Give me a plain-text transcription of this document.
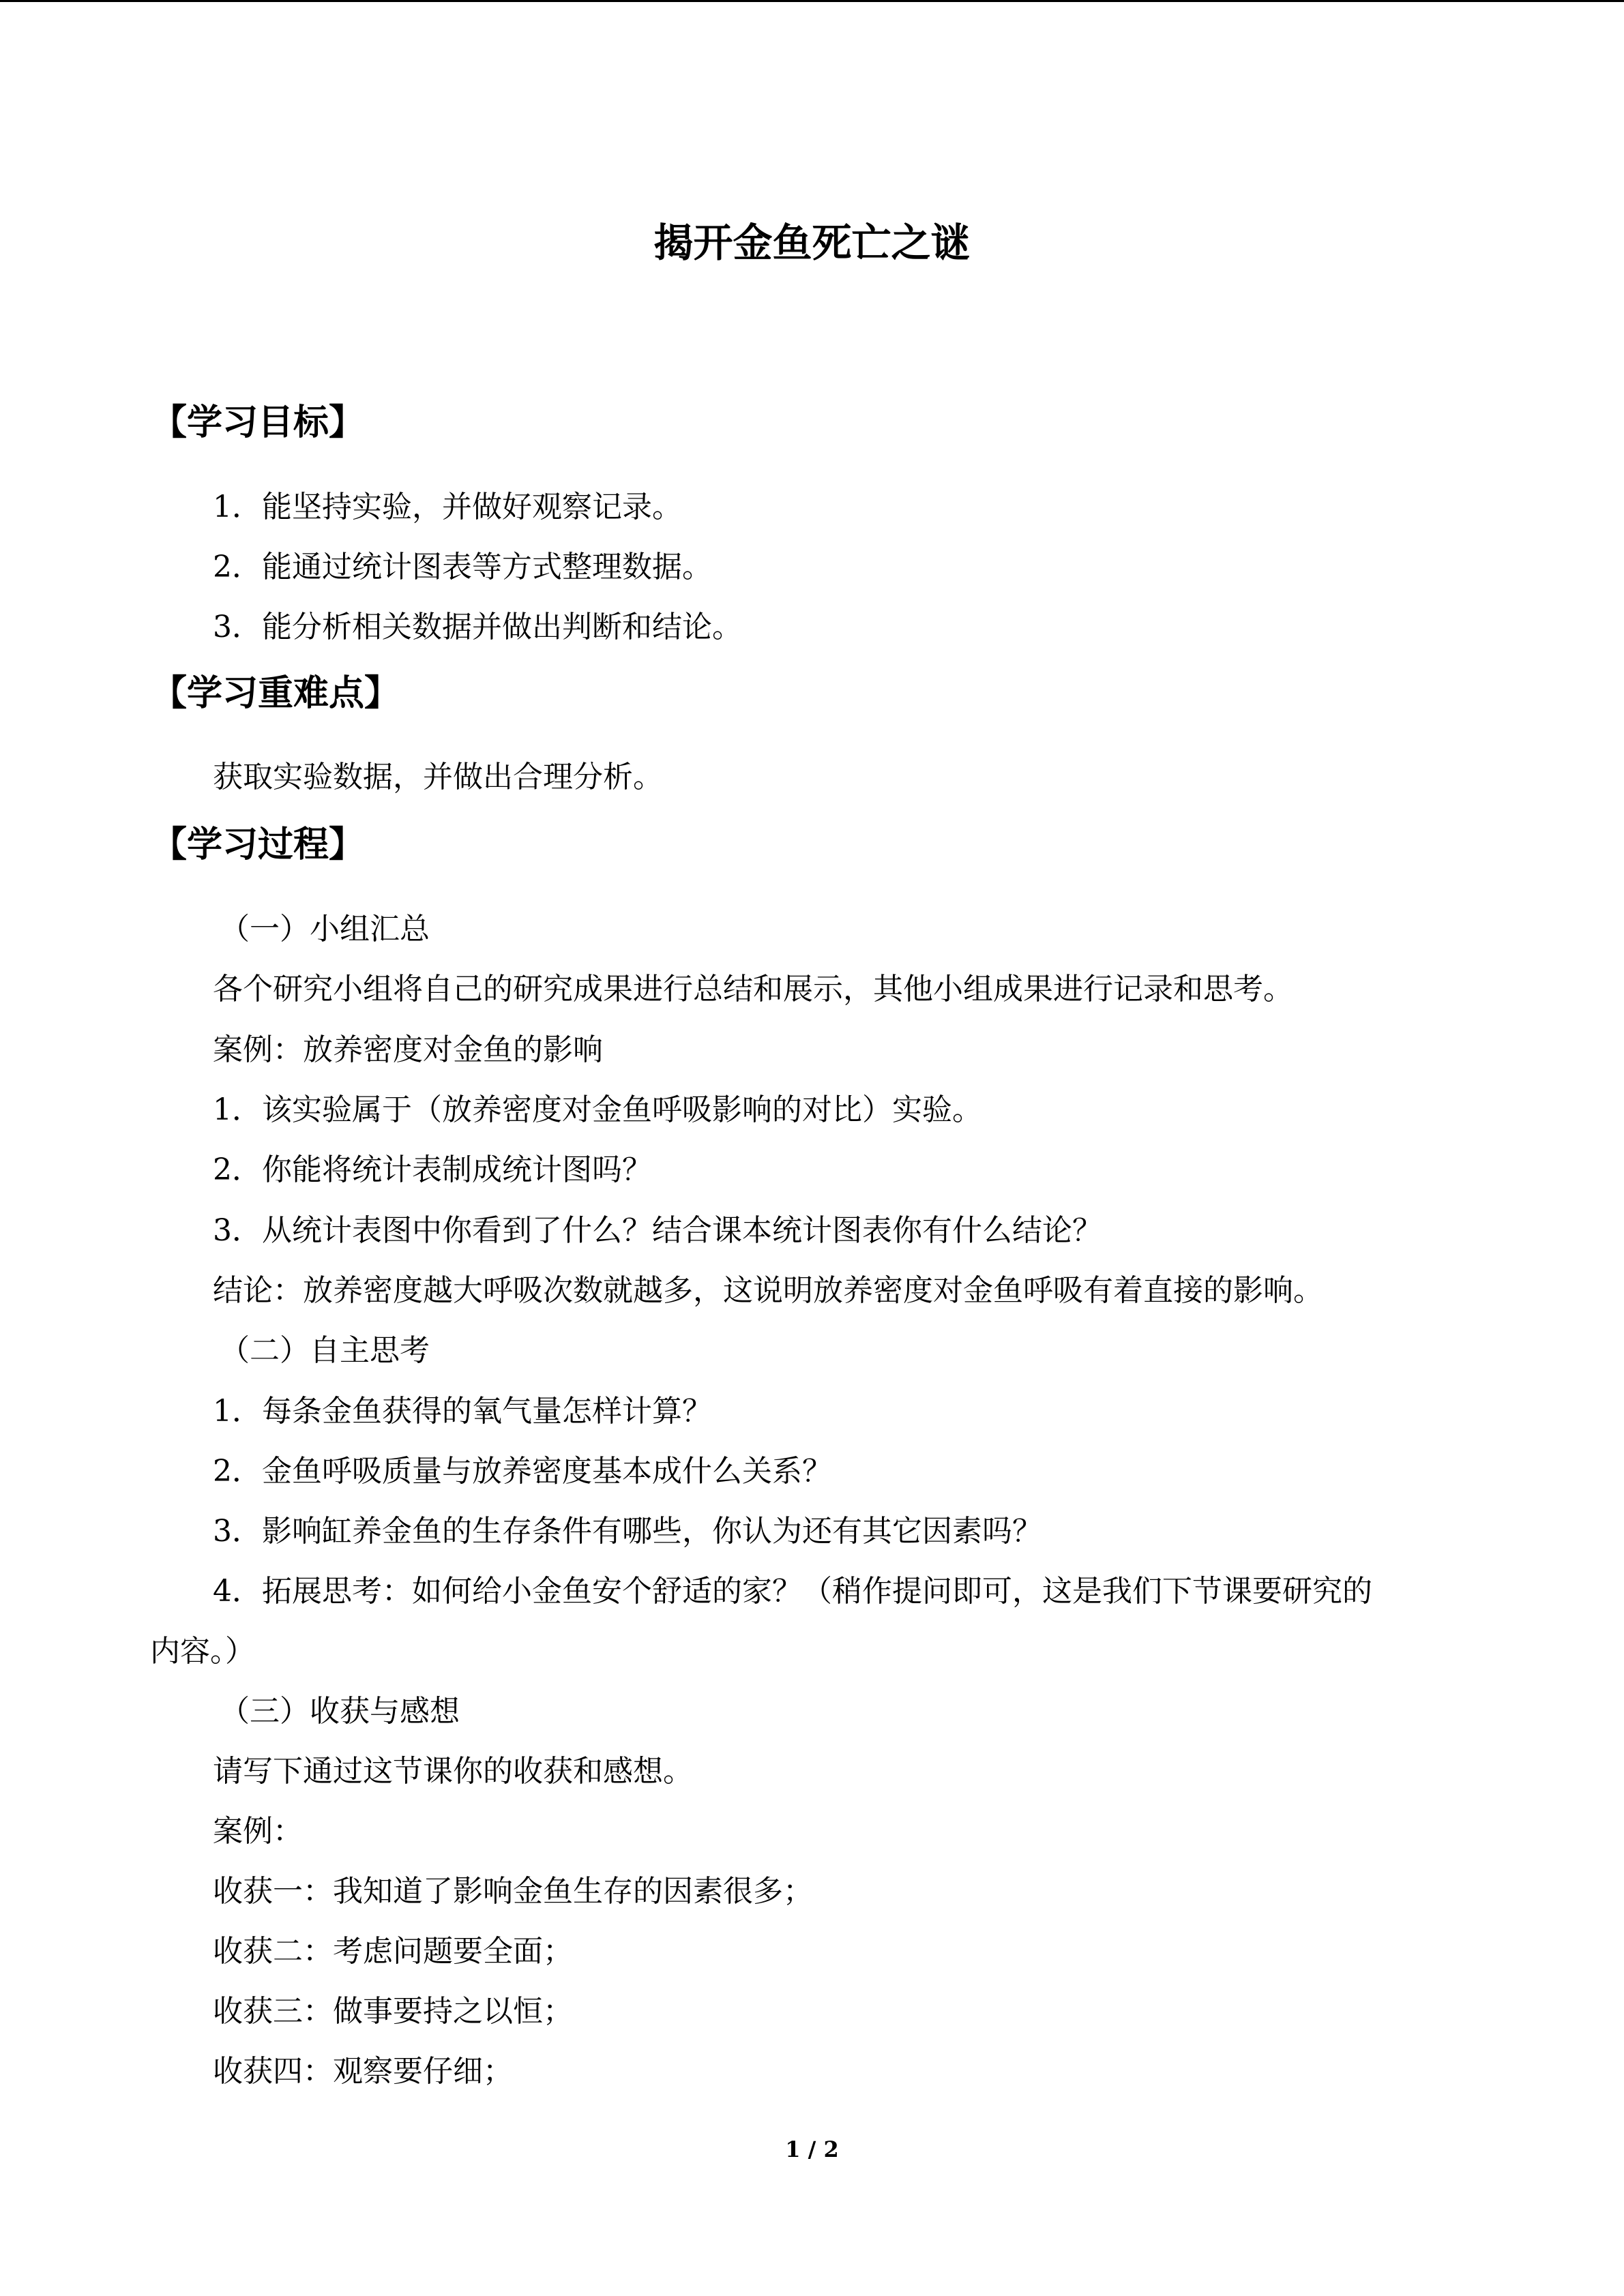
揭开金鱼死亡之谜
【学习目标】
1．能坚持实验，并做好观察记录。
2．能通过统计图表等方式整理数据。
3．能分析相关数据并做出判断和结论。
【学习重难点】
获取实验数据，并做出合理分析。
【学习过程】
（一）小组汇总
各个研究小组将自己的研究成果进行总结和展示，其他小组成果进行记录和思考。
案例：放养密度对金鱼的影响
1．该实验属于（放养密度对金鱼呼吸影响的对比）实验。
2．你能将统计表制成统计图吗？
3．从统计表图中你看到了什么？结合课本统计图表你有什么结论？
结论：放养密度越大呼吸次数就越多，这说明放养密度对金鱼呼吸有着直接的影响。
（二）自主思考
1．每条金鱼获得的氧气量怎样计算？
2．金鱼呼吸质量与放养密度基本成什么关系？
3．影响缸养金鱼的生存条件有哪些，你认为还有其它因素吗？
4．拓展思考：如何给小金鱼安个舒适的家？（稍作提问即可，这是我们下节课要研究的
内容。）
（三）收获与感想
请写下通过这节课你的收获和感想。
案例：
收获一：我知道了影响金鱼生存的因素很多；
收获二：考虑问题要全面；
收获三：做事要持之以恒；
收获四：观察要仔细；
1 / 2
